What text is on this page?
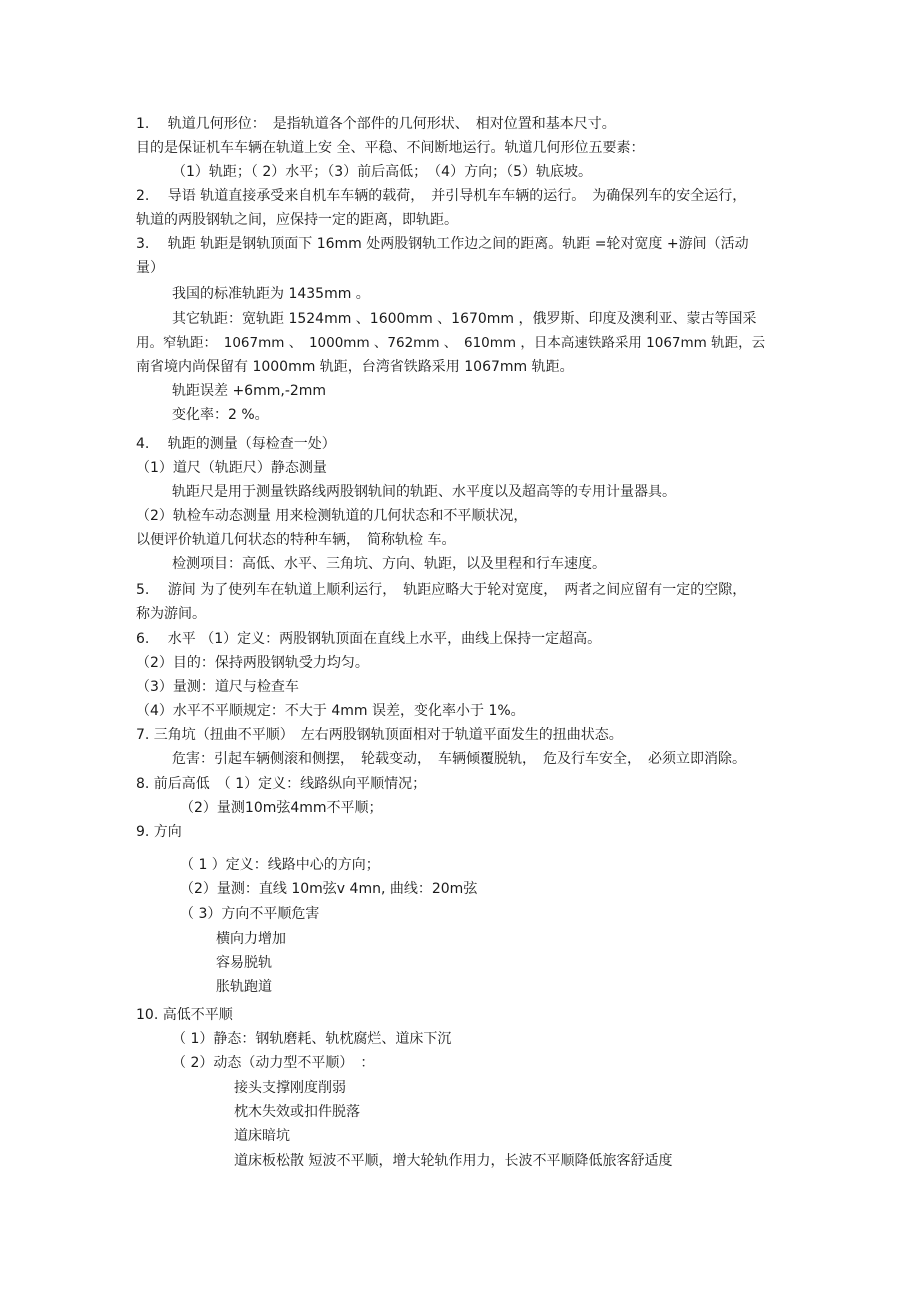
1.　 轨道几何形位：　是指轨道各个部件的几何形状、　相对位置和基本尺寸。
目的是保证机车车辆在轨道上安 全、平稳、不间断地运行。轨道几何形位五要素：
（1）轨距；（ 2）水平；（3）前后高低；　（4）方向；（5）轨底坡。
2.　 导语 轨道直接承受来自机车车辆的载荷，　并引导机车车辆的运行。　为确保列车的安全运行，
轨道的两股钢轨之间，应保持一定的距离，即轨距。
3.　 轨距 轨距是钢轨顶面下 16mm 处两股钢轨工作边之间的距离。轨距 =轮对宽度 +游间（活动
量）
我国的标准轨距为 1435mm 。
其它轨距：宽轨距 1524mm 、1600mm 、1670mm ，俄罗斯、印度及澳利亚、蒙古等国采
用。窄轨距：　1067mm 、　1000mm 、762mm 、　610mm ，日本高速铁路采用 1067mm 轨距，云
南省境内尚保留有 1000mm 轨距，台湾省铁路采用 1067mm 轨距。
轨距误差 +6mm,-2mm
变化率：2 %。
4.　 轨距的测量（每检查一处）
（1）道尺（轨距尺）静态测量
轨距尺是用于测量铁路线两股钢轨间的轨距、水平度以及超高等的专用计量器具。
（2）轨检车动态测量 用来检测轨道的几何状态和不平顺状况，
以便评价轨道几何状态的特种车辆，　简称轨检 车。
检测项目：高低、水平、三角坑、方向、轨距，以及里程和行车速度。
5.　 游间 为了使列车在轨道上顺利运行，　轨距应略大于轮对宽度，　两者之间应留有一定的空隙，
称为游间。
6.　 水平 （1）定义：两股钢轨顶面在直线上水平，曲线上保持一定超高。
（2）目的：保持两股钢轨受力均匀。
（3）量测：道尺与检查车
（4）水平不平顺规定：不大于 4mm 误差，变化率小于 1%。
7. 三角坑（扭曲不平顺）　左右两股钢轨顶面相对于轨道平面发生的扭曲状态。
危害：引起车辆侧滚和侧摆，　轮载变动，　车辆倾覆脱轨，　危及行车安全，　必须立即消除。
8. 前后高低　（ 1）定义：线路纵向平顺情况；
（2）量测10m弦4mm不平顺；
9. 方向
（ 1 ）定义：线路中心的方向；
（2）量测：直线 10m弦v 4mn, 曲线：20m弦
（ 3）方向不平顺危害
横向力增加
容易脱轨
胀轨跑道
10. 高低不平顺
（ 1）静态：钢轨磨耗、轨枕腐烂、道床下沉
（ 2）动态（动力型不平顺）　：
接头支撑刚度削弱
枕木失效或扣件脱落
道床暗坑
道床板松散 短波不平顺，增大轮轨作用力，长波不平顺降低旅客舒适度
